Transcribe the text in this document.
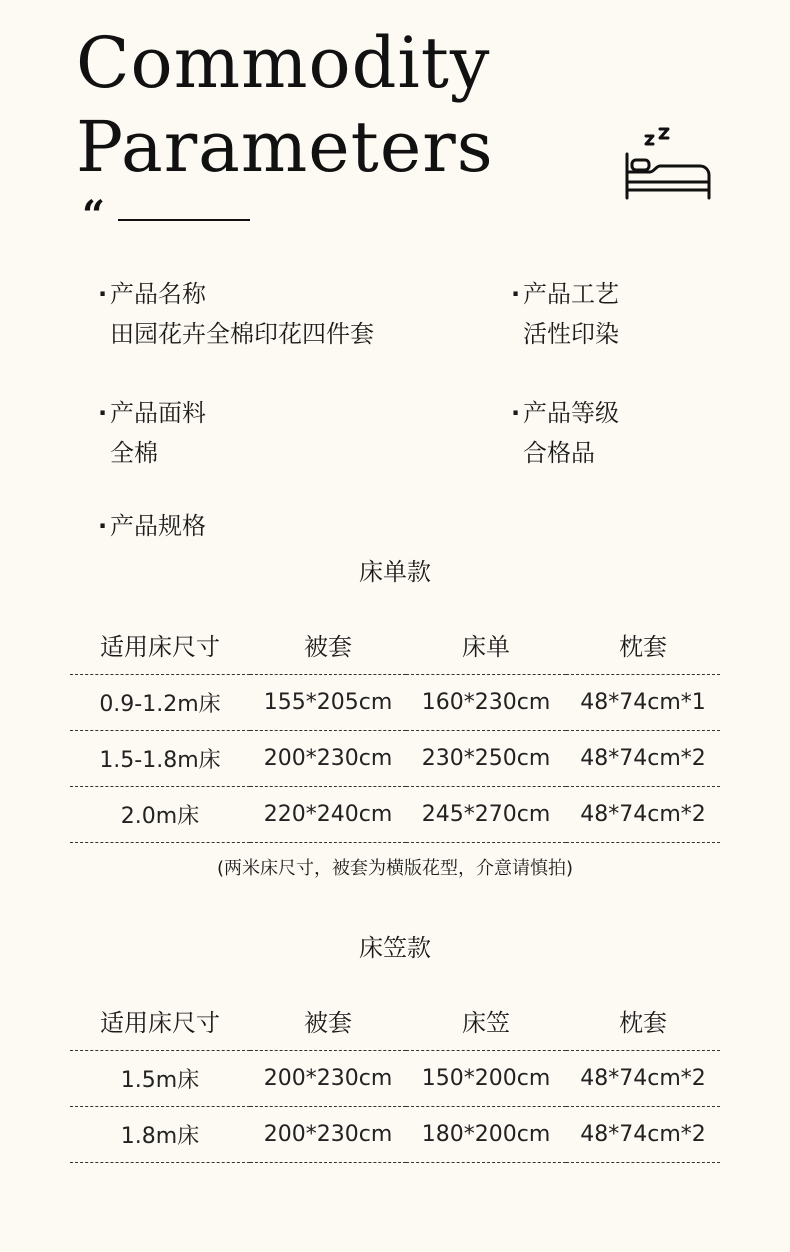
Commodity
Parameters
“
· 产品名称
田园花卉全棉印花四件套
· 产品工艺
活性印染
· 产品面料
全棉
· 产品等级
合格品
· 产品规格
床单款
适用床尺寸	被套	床单	枕套
0.9-1.2m床	155*205cm	160*230cm	48*74cm*1
1.5-1.8m床	200*230cm	230*250cm	48*74cm*2
2.0m床	220*240cm	245*270cm	48*74cm*2
(两米床尺寸，被套为横版花型，介意请慎拍)
床笠款
适用床尺寸	被套	床笠	枕套
1.5m床	200*230cm	150*200cm	48*74cm*2
1.8m床	200*230cm	180*200cm	48*74cm*2
